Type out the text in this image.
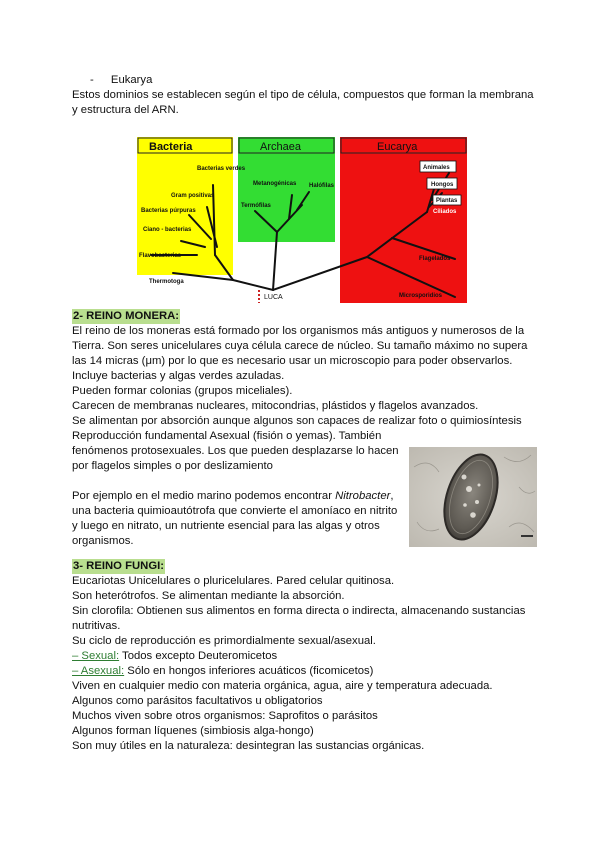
- Eukarya
Estos dominios se establecen según el tipo de célula, compuestos que forman la membrana
y estructura del ARN.
Bacteria	Archaea	Eucarya
Bacterias verdes
Gram positivas
Bacterias púrpuras
Ciano - bacterias
Flavobacterias
Thermotoga
Metanogénicas Halófilas
Termófilas
Animales
Hongos
Plantas
Ciliados
Flagelados
Microsporidios
LUCA
2- REINO MONERA:
El reino de los moneras está formado por los organismos más antiguos y numerosos de la
Tierra. Son seres unicelulares cuya célula carece de núcleo. Su tamaño máximo no supera
las 14 micras (μm) por lo que es necesario usar un microscopio para poder observarlos.
Incluye bacterias y algas verdes azuladas.
Pueden formar colonias (grupos miceliales).
Carecen de membranas nucleares, mitocondrias, plástidos y flagelos avanzados.
Se alimentan por absorción aunque algunos son capaces de realizar foto o quimiosíntesis
Reproducción fundamental Asexual (fisión o yemas). También
fenómenos protosexuales. Los que pueden desplazarse lo hacen
por flagelos simples o por deslizamiento
Por ejemplo en el medio marino podemos encontrar Nitrobacter,
una bacteria quimioautótrofa que convierte el amoníaco en nitrito
y luego en nitrato, un nutriente esencial para las algas y otros
organismos.
3- REINO FUNGI:
Eucariotas Unicelulares o pluricelulares. Pared celular quitinosa.
Son heterótrofos. Se alimentan mediante la absorción.
Sin clorofila: Obtienen sus alimentos en forma directa o indirecta, almacenando sustancias
nutritivas.
Su ciclo de reproducción es primordialmente sexual/asexual.
– Sexual: Todos excepto Deuteromicetos
– Asexual: Sólo en hongos inferiores acuáticos (ficomicetos)
Viven en cualquier medio con materia orgánica, agua, aire y temperatura adecuada.
Algunos como parásitos facultativos u obligatorios
Muchos viven sobre otros organismos: Saprofitos o parásitos
Algunos forman líquenes (simbiosis alga-hongo)
Son muy útiles en la naturaleza: desintegran las sustancias orgánicas.
